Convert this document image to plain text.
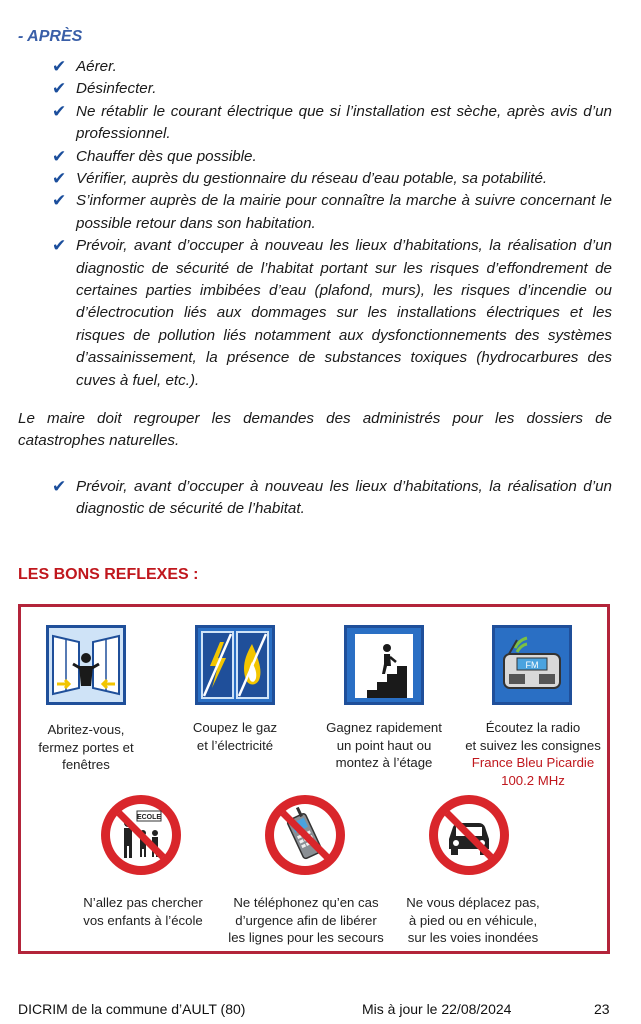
- APRÈS
✔ Aérer.
✔ Désinfecter.
✔ Ne rétablir le courant électrique que si l’installation est sèche, après avis d’un professionnel.
✔ Chauffer dès que possible.
✔ Vérifier, auprès du gestionnaire du réseau d’eau potable, sa potabilité.
✔ S’informer auprès de la mairie pour connaître la marche à suivre concernant le possible retour dans son habitation.
✔ Prévoir, avant d’occuper à nouveau les lieux d’habitations, la réalisation d’un diagnostic de sécurité de l’habitat portant sur les risques d’effondrement de certaines parties imbibées d’eau (plafond, murs), les risques d’incendie ou d’électrocution liés aux dommages sur les installations électriques et les risques de pollution liés notamment aux dysfonctionnements des systèmes d’assainissement, la présence de substances toxiques (hydrocarbures des cuves à fuel, etc.).
Le maire doit regrouper les demandes des administrés pour les dossiers de catastrophes naturelles.
✔ Prévoir, avant d’occuper à nouveau les lieux d’habitations, la réalisation d’un diagnostic de sécurité de l’habitat.
LES BONS REFLEXES :
FM
Abritez-vous,
fermez portes et
fenêtres
Coupez le gaz
et l’électricité
Gagnez rapidement
un point haut ou
montez à l’étage
Écoutez la radio
et suivez les consignes
France Bleu Picardie
100.2 MHz
ECOLE
N’allez pas chercher
vos enfants à l’école
Ne téléphonez qu’en cas
d’urgence afin de libérer
les lignes pour les secours
Ne vous déplacez pas,
à pied ou en véhicule,
sur les voies inondées
DICRIM de la commune d’AULT (80)	Mis à jour le 22/08/2024	23
